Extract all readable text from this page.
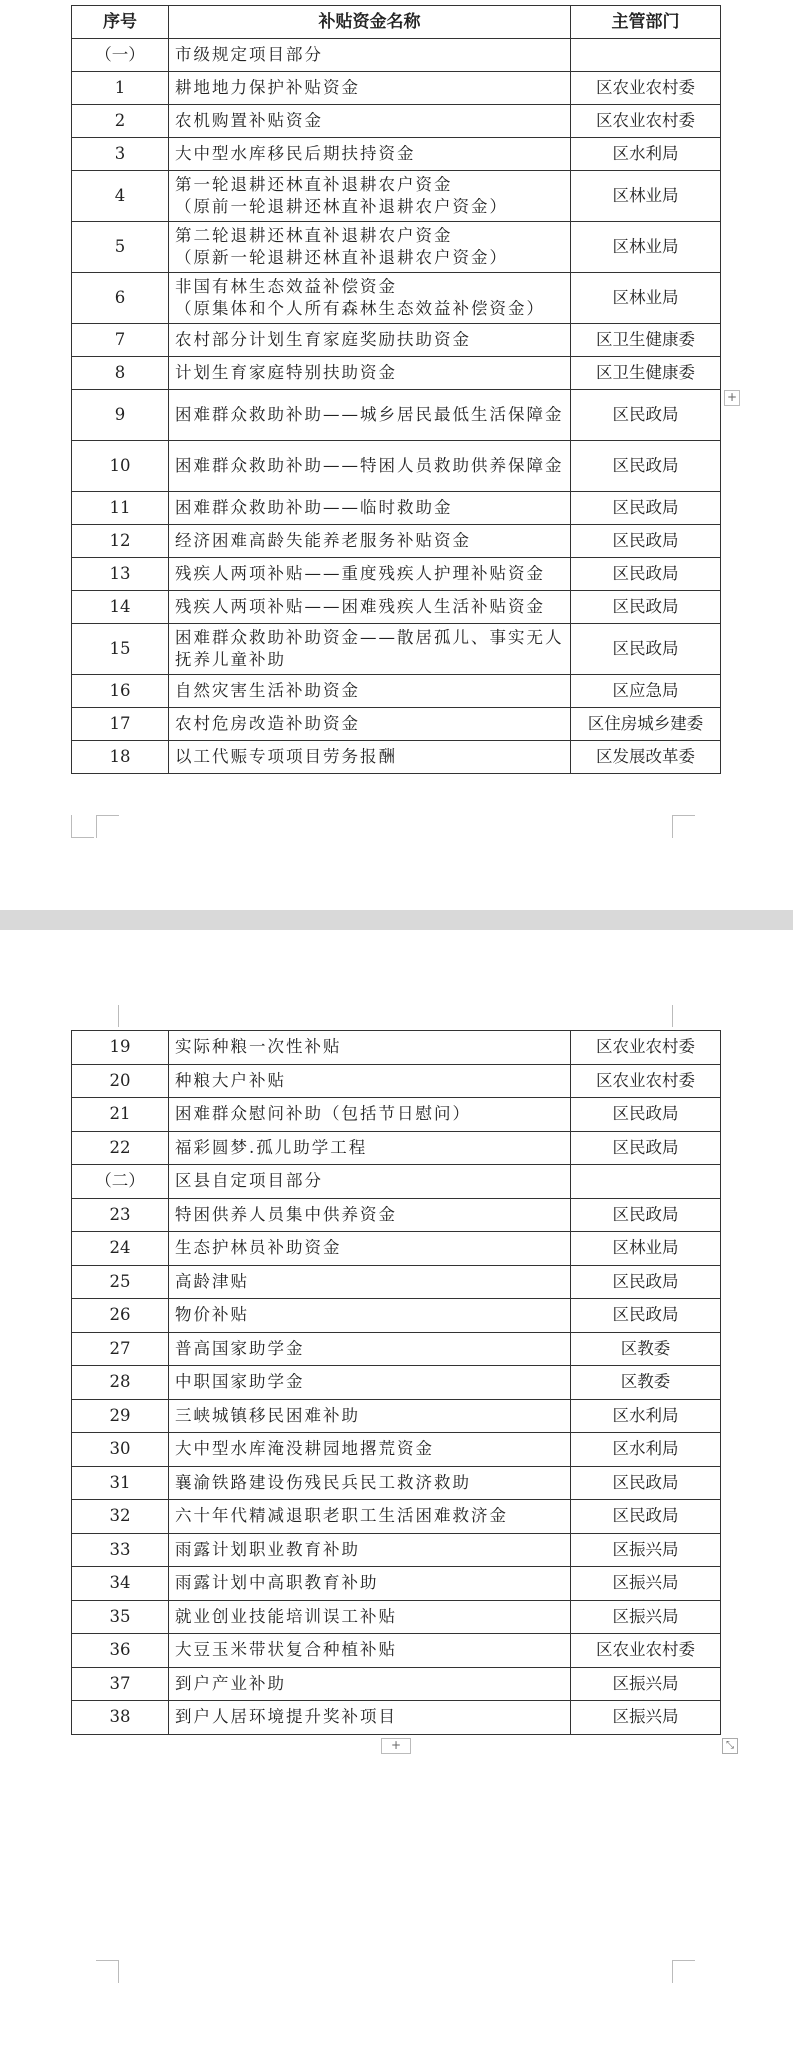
序号	补贴资金名称	主管部门
（一）	市级规定项目部分	

1	耕地地力保护补贴资金	区农业农村委
2	农机购置补贴资金	区农业农村委
3	大中型水库移民后期扶持资金	区水利局
4	第一轮退耕还林直补退耕农户资金
（原前一轮退耕还林直补退耕农户资金）	区林业局
5	第二轮退耕还林直补退耕农户资金
（原新一轮退耕还林直补退耕农户资金）	区林业局
6	非国有林生态效益补偿资金
（原集体和个人所有森林生态效益补偿资金）	区林业局
7	农村部分计划生育家庭奖励扶助资金	区卫生健康委
8	计划生育家庭特别扶助资金	区卫生健康委
9	困难群众救助补助——城乡居民最低生活保障金	区民政局
10	困难群众救助补助——特困人员救助供养保障金	区民政局
11	困难群众救助补助——临时救助金	区民政局
12	经济困难高龄失能养老服务补贴资金	区民政局
13	残疾人两项补贴——重度残疾人护理补贴资金	区民政局
14	残疾人两项补贴——困难残疾人生活补贴资金	区民政局
15	困难群众救助补助资金——散居孤儿、事实无人抚养儿童补助	区民政局
16	自然灾害生活补助资金	区应急局
17	农村危房改造补助资金	区住房城乡建委
18	以工代赈专项项目劳务报酬	区发展改革委
+
19	实际种粮一次性补贴	区农业农村委
20	种粮大户补贴	区农业农村委
21	困难群众慰问补助（包括节日慰问）	区民政局
22	福彩圆梦.孤儿助学工程	区民政局
（二）	区县自定项目部分	

23	特困供养人员集中供养资金	区民政局
24	生态护林员补助资金	区林业局
25	高龄津贴	区民政局
26	物价补贴	区民政局
27	普高国家助学金	区教委
28	中职国家助学金	区教委
29	三峡城镇移民困难补助	区水利局
30	大中型水库淹没耕园地撂荒资金	区水利局
31	襄渝铁路建设伤残民兵民工救济救助	区民政局
32	六十年代精减退职老职工生活困难救济金	区民政局
33	雨露计划职业教育补助	区振兴局
34	雨露计划中高职教育补助	区振兴局
35	就业创业技能培训误工补贴	区振兴局
36	大豆玉米带状复合种植补贴	区农业农村委
37	到户产业补助	区振兴局
38	到户人居环境提升奖补项目	区振兴局
+	⤡
